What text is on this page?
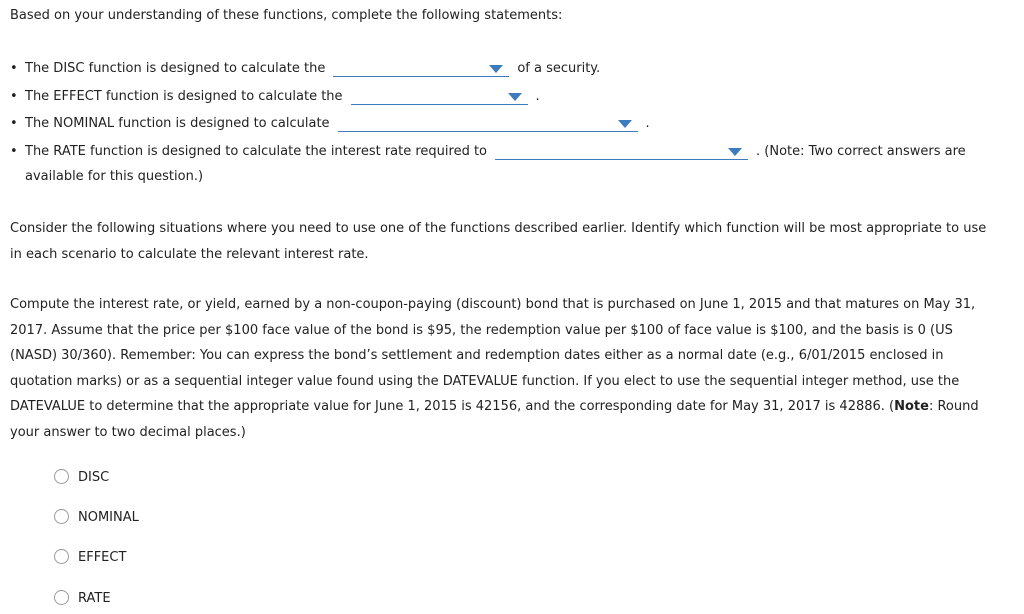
Based on your understanding of these functions, complete the following statements:
• The DISC function is designed to calculate the	of a security.
• The EFFECT function is designed to calculate the	.
• The NOMINAL function is designed to calculate	.
• The RATE function is designed to calculate the interest rate required to	. (Note: Two correct answers are
available for this question.)
Consider the following situations where you need to use one of the functions described earlier. Identify which function will be most appropriate to use in each scenario to calculate the relevant interest rate.
Compute the interest rate, or yield, earned by a non-coupon-paying (discount) bond that is purchased on June 1, 2015 and that matures on May 31, 2017. Assume that the price per $100 face value of the bond is $95, the redemption value per $100 of face value is $100, and the basis is 0 (US (NASD) 30/360). Remember: You can express the bond’s settlement and redemption dates either as a normal date (e.g., 6/01/2015 enclosed in quotation marks) or as a sequential integer value found using the DATEVALUE function. If you elect to use the sequential integer method, use the DATEVALUE to determine that the appropriate value for June 1, 2015 is 42156, and the corresponding date for May 31, 2017 is 42886. (Note: Round your answer to two decimal places.)
DISC
NOMINAL
EFFECT
RATE
